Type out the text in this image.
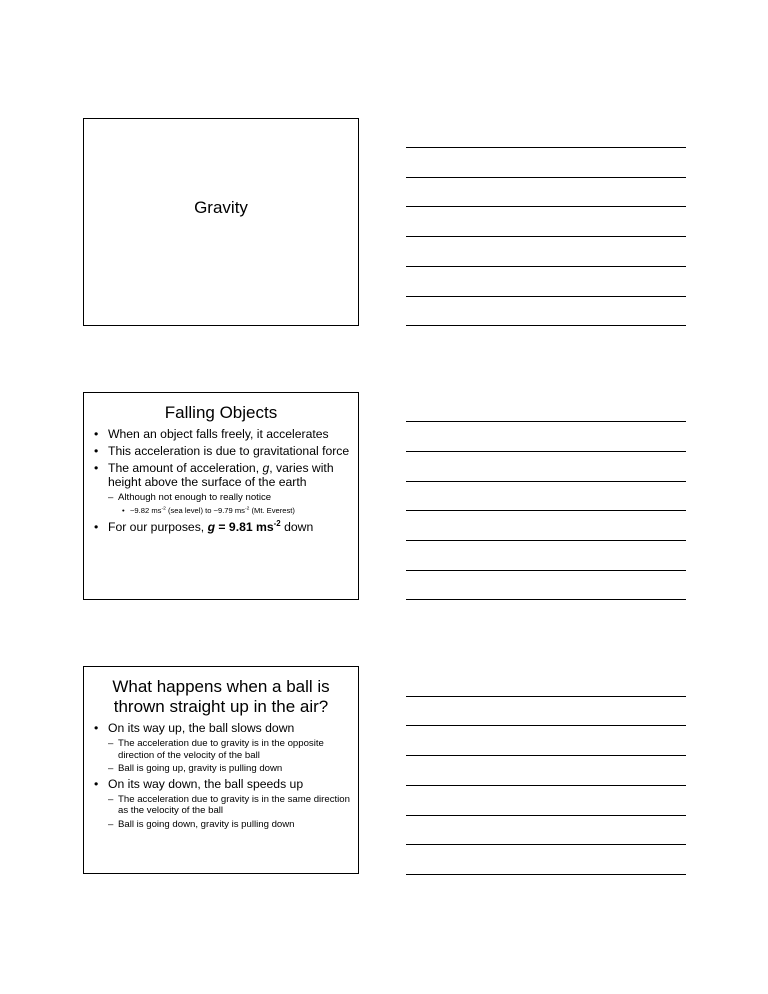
Gravity
Falling Objects
• When an object falls freely, it accelerates
• This acceleration is due to gravitational force
• The amount of acceleration, g, varies with height above the surface of the earth
– Although not enough to really notice
• ~9.82 $ms^{-2}$ (sea level) to ~9.79 $ms^{-2}$ (Mt. Everest)
• For our purposes, g = 9.81 $ms^{-2}$ down
What happens when a ball is thrown straight up in the air?
• On its way up, the ball slows down
– The acceleration due to gravity is in the opposite direction of the velocity of the ball
– Ball is going up, gravity is pulling down
• On its way down, the ball speeds up
– The acceleration due to gravity is in the same direction as the velocity of the ball
– Ball is going down, gravity is pulling down
